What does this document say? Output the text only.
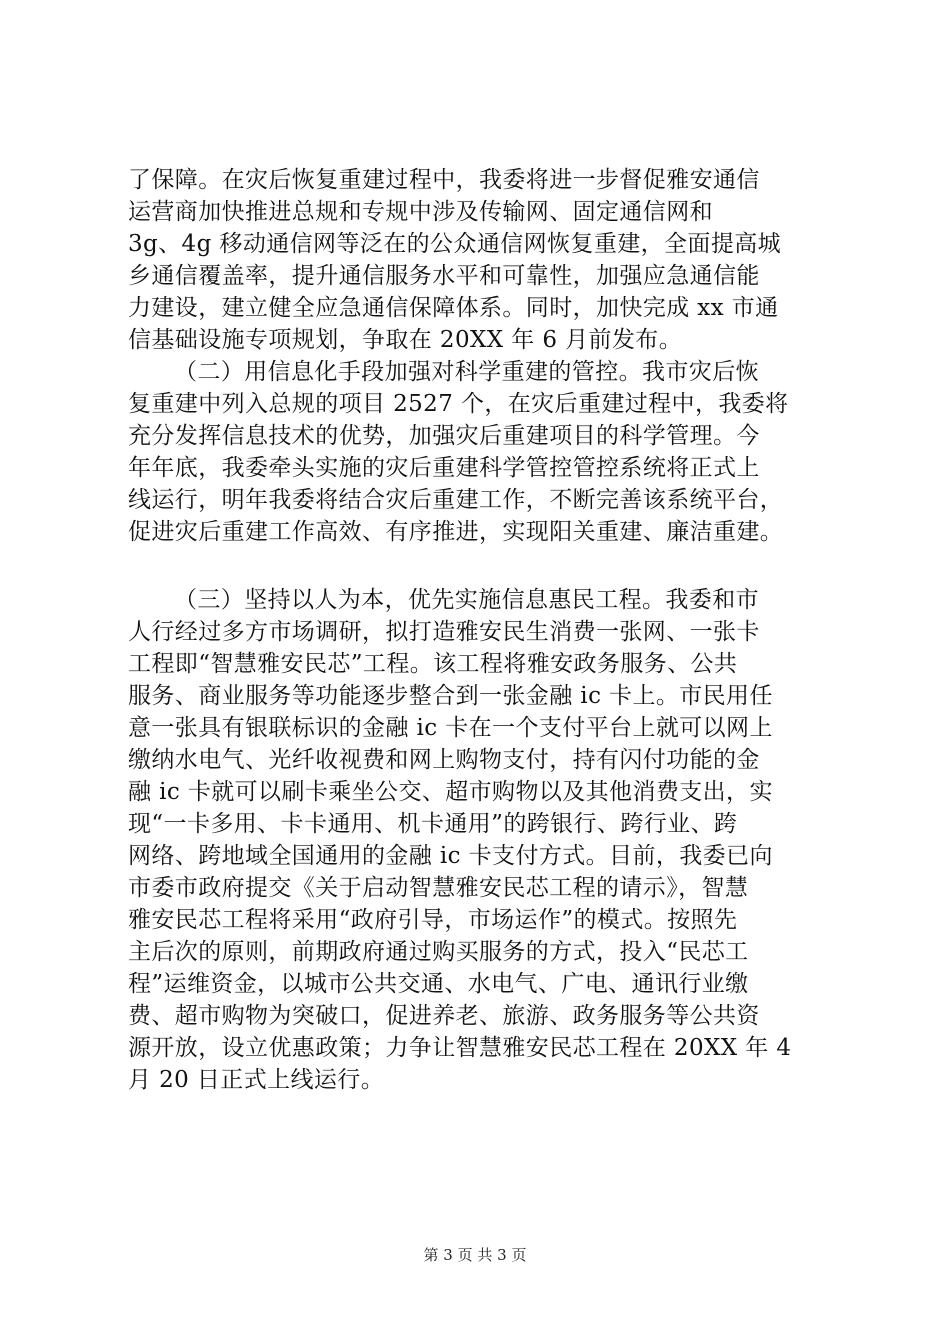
了保障。在灾后恢复重建过程中，我委将进一步督促雅安通信
运营商加快推进总规和专规中涉及传输网、固定通信网和
3g、4g 移动通信网等泛在的公众通信网恢复重建，全面提高城
乡通信覆盖率，提升通信服务水平和可靠性，加强应急通信能
力建设，建立健全应急通信保障体系。同时，加快完成 xx 市通
信基础设施专项规划，争取在 20XX 年 6 月前发布。
（二）用信息化手段加强对科学重建的管控。我市灾后恢
复重建中列入总规的项目 2527 个，在灾后重建过程中，我委将
充分发挥信息技术的优势，加强灾后重建项目的科学管理。今
年年底，我委牵头实施的灾后重建科学管控管控系统将正式上
线运行，明年我委将结合灾后重建工作，不断完善该系统平台，
促进灾后重建工作高效、有序推进，实现阳关重建、廉洁重建。
（三）坚持以人为本，优先实施信息惠民工程。我委和市
人行经过多方市场调研，拟打造雅安民生消费一张网、一张卡
工程即“智慧雅安民芯”工程。该工程将雅安政务服务、公共
服务、商业服务等功能逐步整合到一张金融 ic 卡上。市民用任
意一张具有银联标识的金融 ic 卡在一个支付平台上就可以网上
缴纳水电气、光纤收视费和网上购物支付，持有闪付功能的金
融 ic 卡就可以刷卡乘坐公交、超市购物以及其他消费支出，实
现“一卡多用、卡卡通用、机卡通用”的跨银行、跨行业、跨
网络、跨地域全国通用的金融 ic 卡支付方式。目前，我委已向
市委市政府提交《关于启动智慧雅安民芯工程的请示》，智慧
雅安民芯工程将采用“政府引导，市场运作”的模式。按照先
主后次的原则，前期政府通过购买服务的方式，投入“民芯工
程”运维资金，以城市公共交通、水电气、广电、通讯行业缴
费、超市购物为突破口，促进养老、旅游、政务服务等公共资
源开放，设立优惠政策；力争让智慧雅安民芯工程在 20XX 年 4
月 20 日正式上线运行。
第 3 页 共 3 页
